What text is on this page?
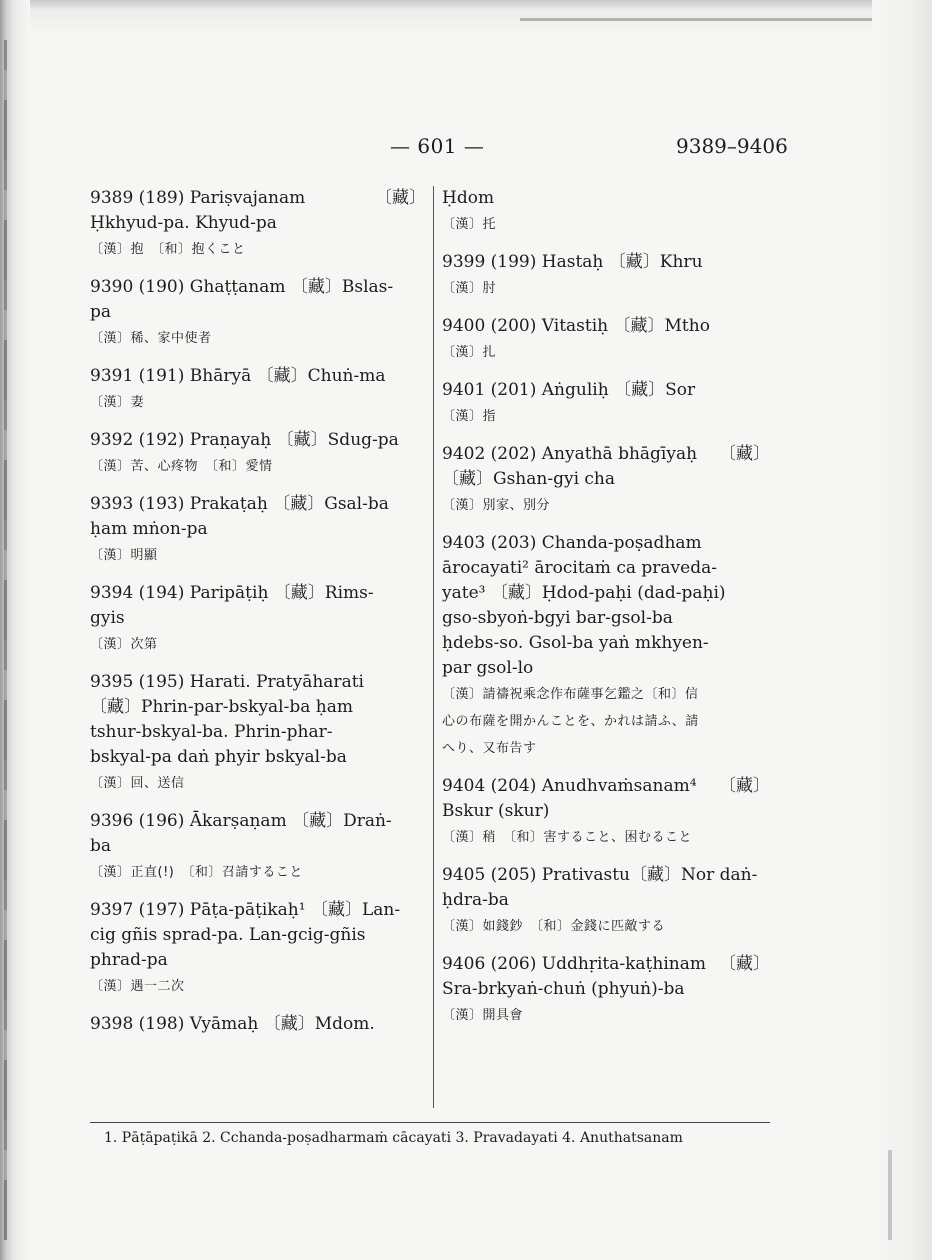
— 601 —	9389–9406
9389 (189) Pariṣvajanam	〔藏〕
Ḥkhyud-pa. Khyud-pa
〔漢〕抱　〔和〕抱くこと
9390 (190) Ghaṭṭanam 〔藏〕Bslas-
pa
〔漢〕稀、家中使者
9391 (191) Bhāryā 〔藏〕Chuṅ-ma
〔漢〕妻
9392 (192) Praṇayaḥ 〔藏〕Sdug-pa
〔漢〕苦、心疼物　〔和〕愛情
9393 (193) Prakaṭaḥ 〔藏〕Gsal-ba
ḥam mṅon-pa
〔漢〕明顯
9394 (194) Paripāṭiḥ 〔藏〕Rims-
gyis
〔漢〕次第
9395 (195) Harati. Pratyāharati
〔藏〕Phrin-par-bskyal-ba ḥam
tshur-bskyal-ba. Phrin-phar-
bskyal-pa daṅ phyir bskyal-ba
〔漢〕回、送信
9396 (196) Ākarṣaṇam 〔藏〕Draṅ-
ba
〔漢〕正直(!)　〔和〕召請すること
9397 (197) Pāṭa-pāṭikaḥ¹ 〔藏〕Lan-
cig gñis sprad-pa. Lan-gcig-gñis
phrad-pa
〔漢〕遇一二次
9398 (198) Vyāmaḥ 〔藏〕Mdom.
Ḥdom
〔漢〕托
9399 (199) Hastaḥ 〔藏〕Khru
〔漢〕肘
9400 (200) Vitastiḥ 〔藏〕Mtho
〔漢〕扎
9401 (201) Aṅguliḥ 〔藏〕Sor
〔漢〕指
9402 (202) Anyathā bhāgīyaḥ 〔藏〕
〔藏〕Gshan-gyi cha
〔漢〕別家、別分
9403 (203) Chanda-poṣadham
ārocayati² ārocitaṁ ca praveda-
yate³ 〔藏〕Ḥdod-paḥi (dad-paḥi)
gso-sbyoṅ-bgyi bar-gsol-ba
ḥdebs-so. Gsol-ba yaṅ mkhyen-
par gsol-lo
〔漢〕請禱祝乘念作布薩事乞鑑之〔和〕信
心の布薩を開かんことを、かれは請ふ、請
へり、又布告す
9404 (204) Anudhvaṁsanam⁴ 〔藏〕
Bskur (skur)
〔漢〕稍　〔和〕害すること、困むること
9405 (205) Prativastu〔藏〕Nor daṅ-
ḥdra-ba
〔漢〕如錢鈔　〔和〕金錢に匹敵する
9406 (206) Uddhṛita-kaṭhinam 〔藏〕
Sra-brkyaṅ-chuṅ (phyuṅ)-ba
〔漢〕開具會
1. Pāṭāpaṭikā 2. Cchanda-poṣadharmaṁ cācayati 3. Pravadayati 4. Anuthatsanam
